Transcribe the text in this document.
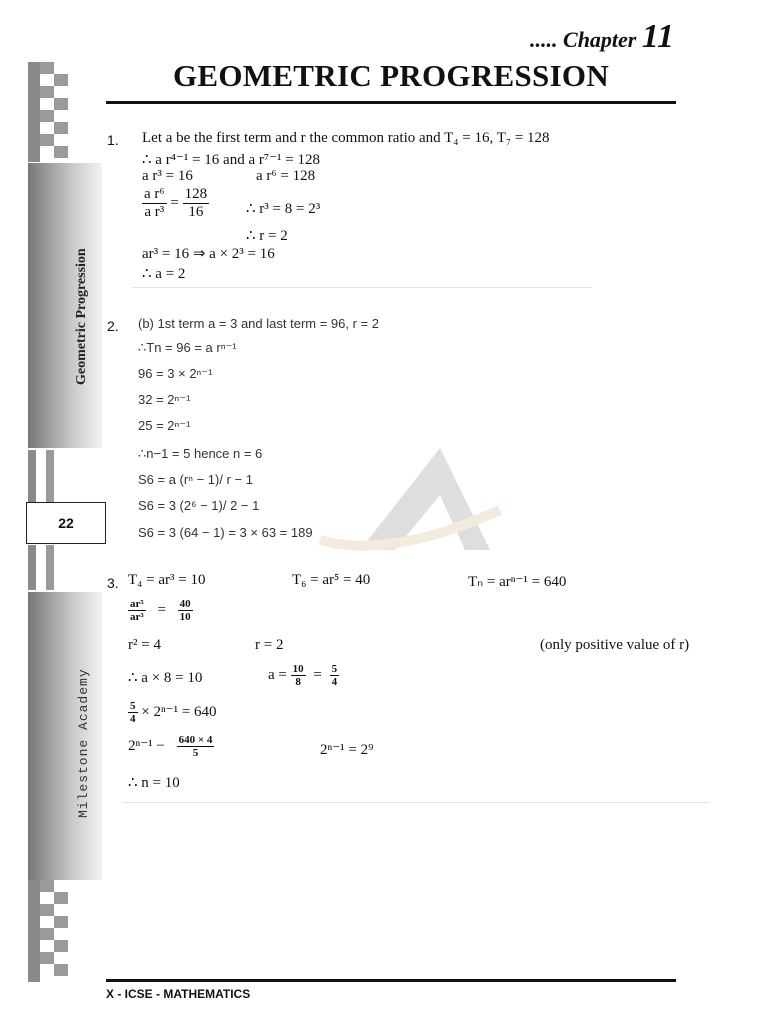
Geometric Progression
Milestone Academy
22
..... Chapter 11
GEOMETRIC PROGRESSION
1. Let a be the first term and r the common ratio and T₄ = 16, T₇ = 128
∴ a r⁴⁻¹ = 16 and a r⁷⁻¹ = 128
a r³ = 16	a r⁶ = 128
$\frac{\text{a r⁶}}{\text{a r³}} = \frac{128}{16}$ ∴ r³ = 8 = 2³
∴ r = 2
ar³ = 16 ⇒ a × 2³ = 16
∴ a = 2
2. (b) 1st term a = 3 and last term = 96, r = 2
∴Tn = 96 = a rⁿ⁻¹
96 = 3 × 2ⁿ⁻¹
32 = 2ⁿ⁻¹
25 = 2ⁿ⁻¹
∴n−1 = 5 hence n = 6
S6 = a (rⁿ − 1)/ r − 1
S6 = 3 (2⁶ − 1)/ 2 − 1
S6 = 3 (64 − 1) = 3 × 63 = 189
3. T₄ = ar³ = 10	T₆ = ar⁵ = 40	Tₙ = arⁿ⁻¹ = 640
$\frac{\text{ar⁵}}{\text{ar³}} = \frac{40}{10}$
r² = 4	r = 2	(only positive value of r)
∴ a × 8 = 10	$a = \frac{10}{8} = \frac{5}{4}$
$\frac{5}{4} \times 2^{n-1} = 640$
$2^{n-1} - \frac{640 \times 4}{5}$	2ⁿ⁻¹ = 2⁹
∴ n = 10
X - ICSE - MATHEMATICS
